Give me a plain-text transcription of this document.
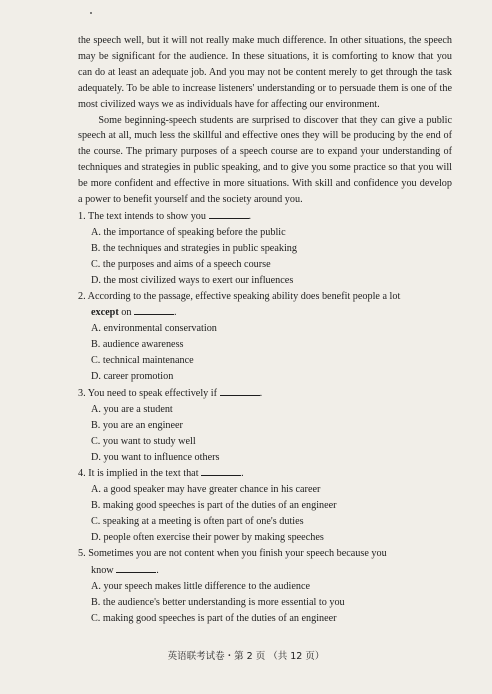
the speech well, but it will not really make much difference. In other situations, the speech may be significant for the audience. In these situations, it is comforting to know that you can do at least an adequate job. And you may not be content merely to get through the task adequately. To be able to increase listeners' understanding or to persuade them is one of the most civilized ways we as individuals have for affecting our environment.

Some beginning-speech students are surprised to discover that they can give a public speech at all, much less the skillful and effective ones they will be producing by the end of the course. The primary purposes of a speech course are to expand your understanding of techniques and strategies in public speaking, and to give you some practice so that you will be more confident and effective in more situations. With skill and confidence you develop a power to benefit yourself and the society around you.

1. The text intends to show you	.

A. the importance of speaking before the public

B. the techniques and strategies in public speaking

C. the purposes and aims of a speech course

D. the most civilized ways to exert our influences

2. According to the passage, effective speaking ability does benefit people a lot

except on	.

A. environmental conservation

B. audience awareness

C. technical maintenance

D. career promotion

3. You need to speak effectively if	.

A. you are a student

B. you are an engineer

C. you want to study well

D. you want to influence others

4. It is implied in the text that	.

A. a good speaker may have greater chance in his career

B. making good speeches is part of the duties of an engineer

C. speaking at a meeting is often part of one's duties

D. people often exercise their power by making speeches

5. Sometimes you are not content when you finish your speech because you

know	.

A. your speech makes little difference to the audience

B. the audience's better understanding is more essential to you

C. making good speeches is part of the duties of an engineer

英语联考试卷・第 2 页 （共 12 页）
